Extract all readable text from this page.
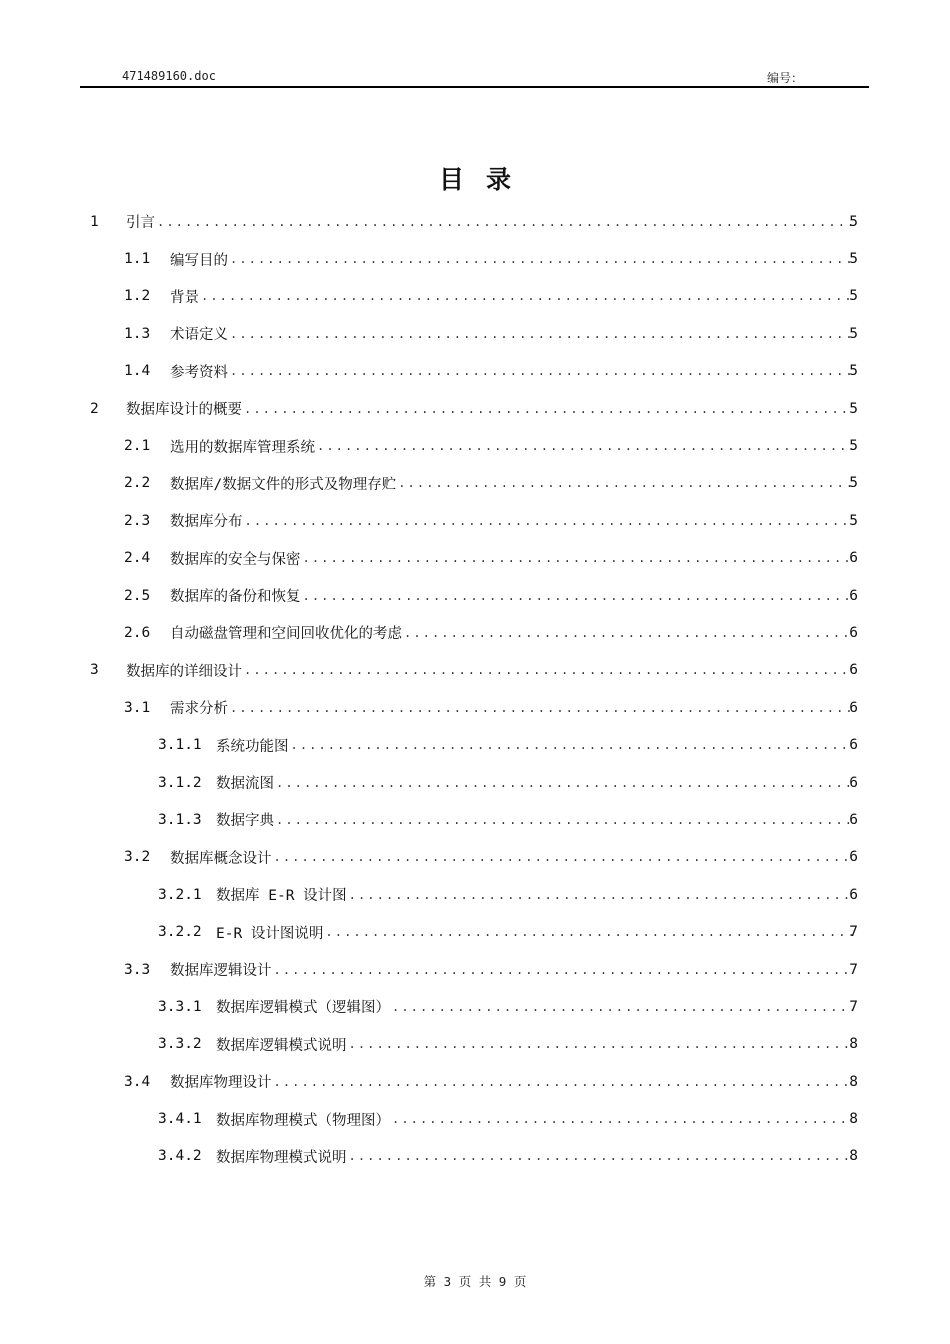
471489160.doc	编号：
目录
1	引言 .....	5
1.1	编写目的 .....	5
1.2	背景 .....	5
1.3	术语定义 .....	5
1.4	参考资料 .....	5
2	数据库设计的概要 .....	5
2.1	选用的数据库管理系统 .....	5
2.2	数据库/数据文件的形式及物理存贮 .....	5
2.3	数据库分布 .....	5
2.4	数据库的安全与保密 .....	6
2.5	数据库的备份和恢复 .....	6
2.6	自动磁盘管理和空间回收优化的考虑 .....	6
3	数据库的详细设计 .....	6
3.1	需求分析 .....	6
3.1.1 系统功能图 .....	6
3.1.2 数据流图 .....	6
3.1.3 数据字典 .....	6
3.2	数据库概念设计 .....	6
3.2.1 数据库 E-R 设计图 .....	6
3.2.2 E-R 设计图说明 .....	7
3.3	数据库逻辑设计 .....	7
3.3.1 数据库逻辑模式（逻辑图） .....	7
3.3.2 数据库逻辑模式说明 .....	8
3.4	数据库物理设计 .....	8
3.4.1 数据库物理模式（物理图） .....	8
3.4.2 数据库物理模式说明 .....	8
第 3 页 共 9 页
